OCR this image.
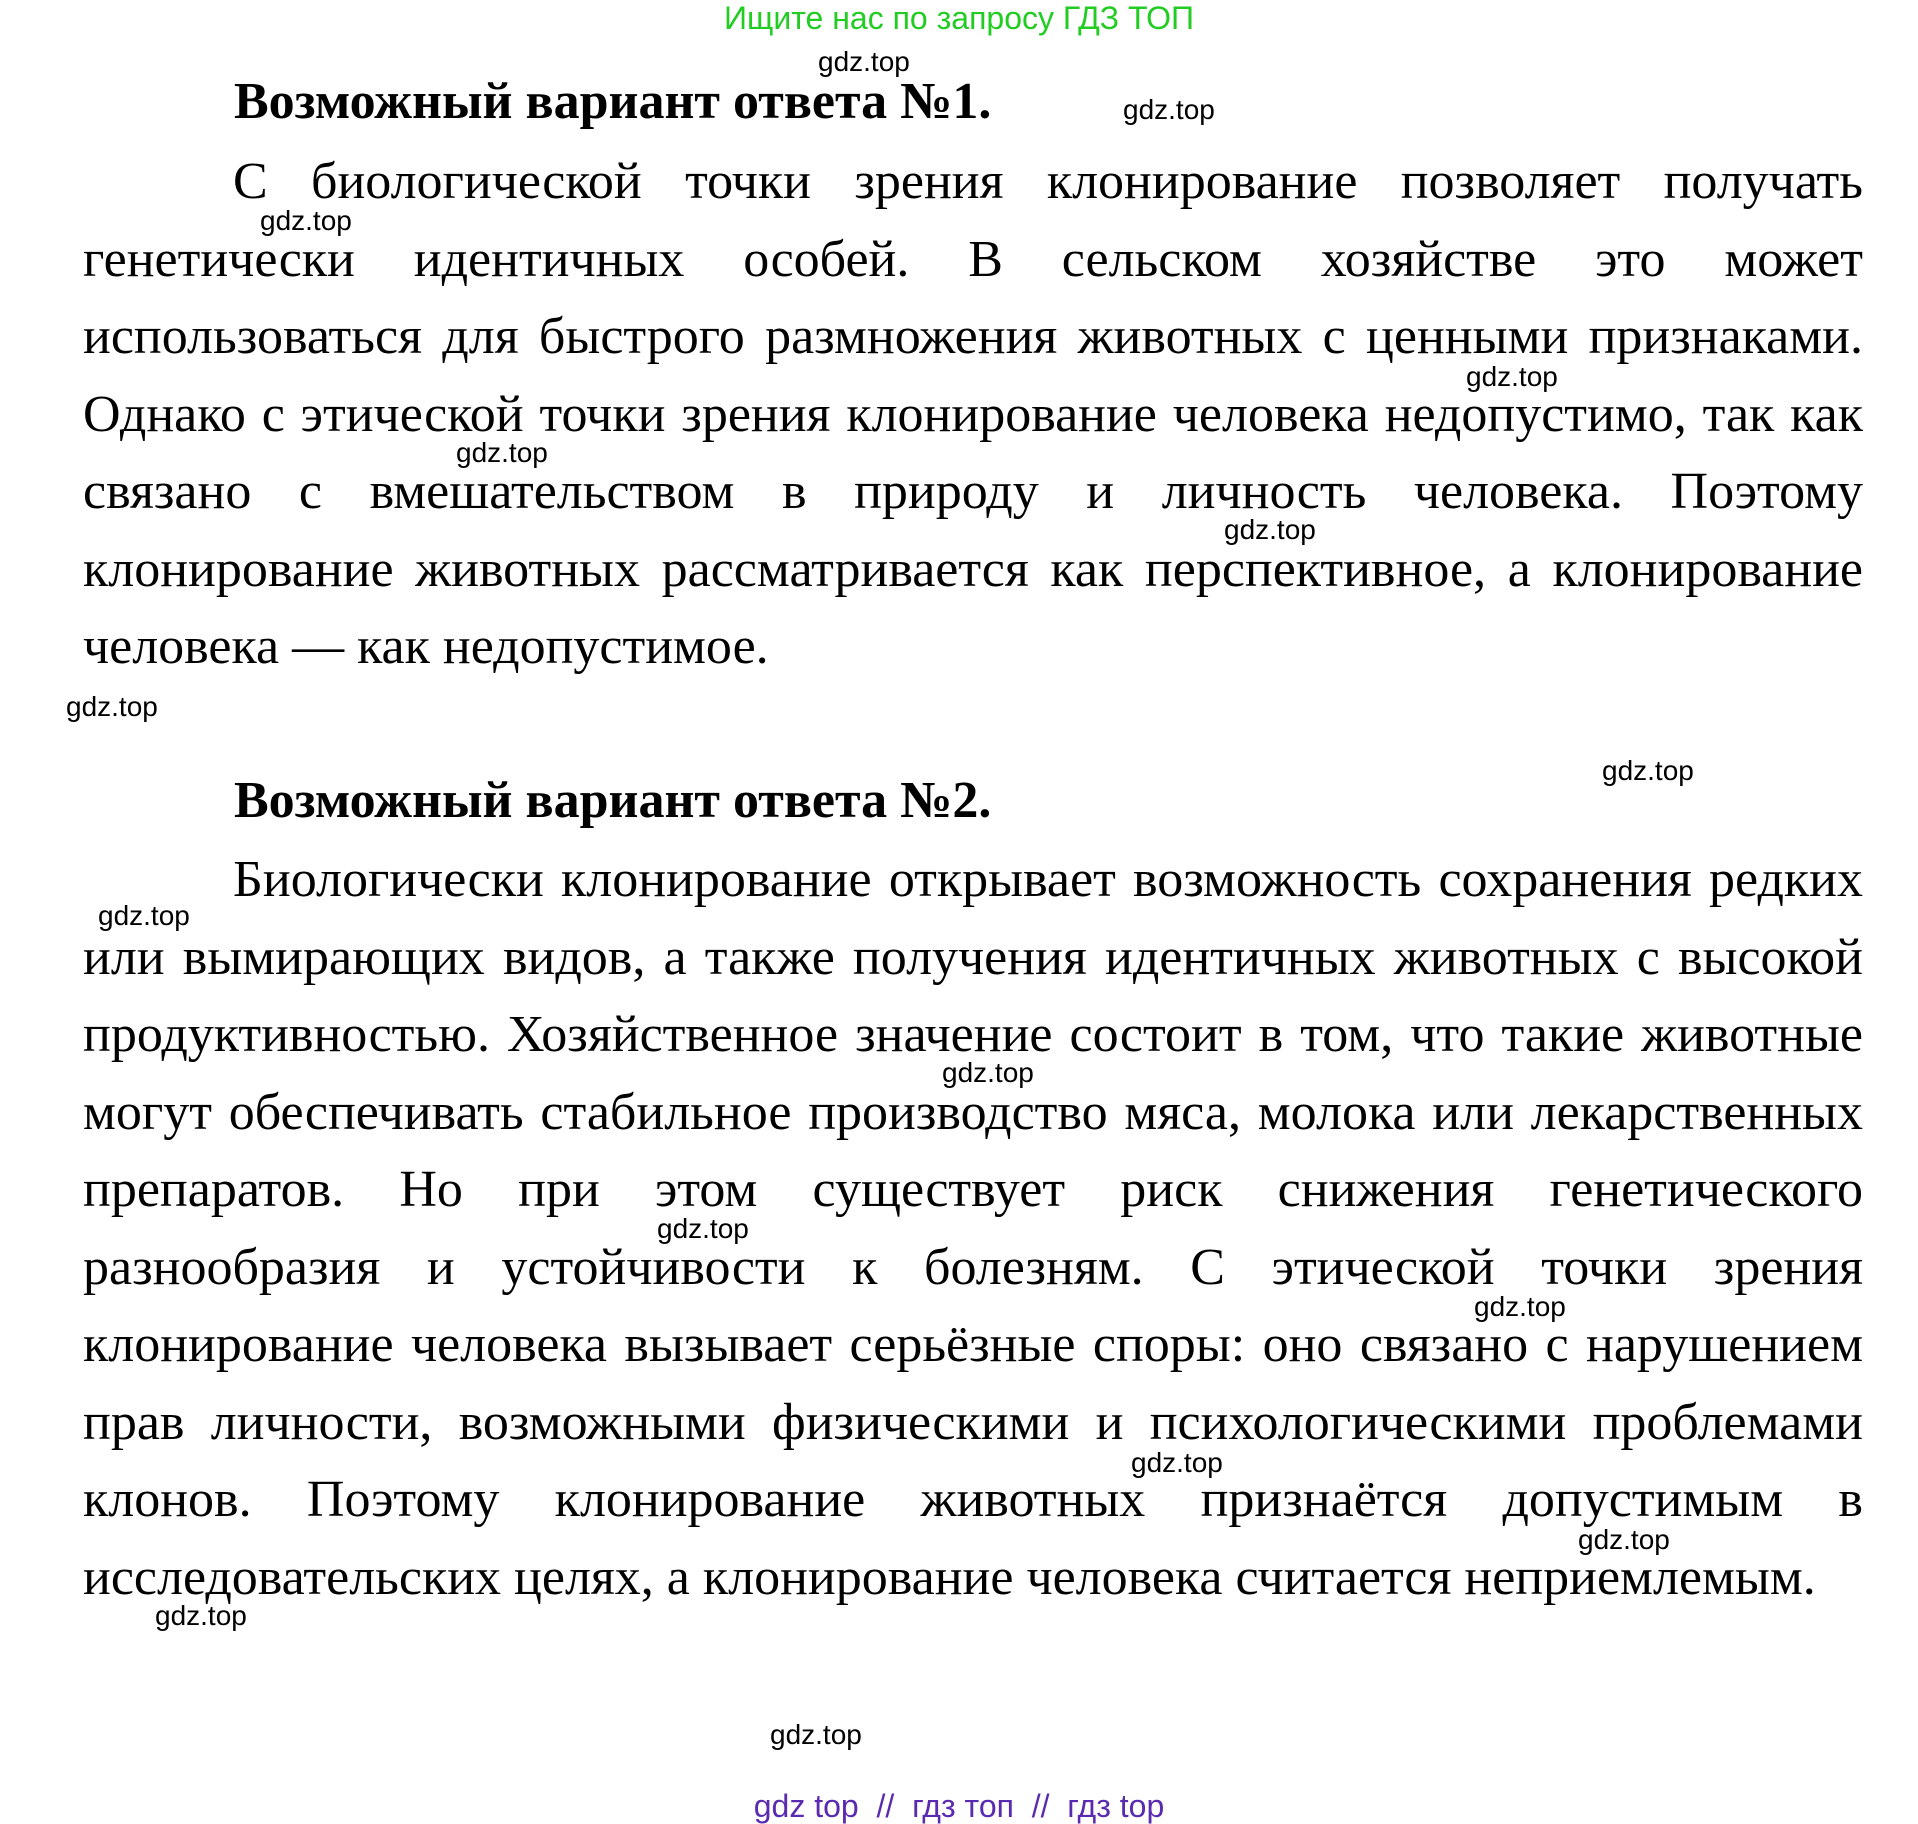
Ищите нас по запросу ГДЗ ТОП
Возможный вариант ответа №1.

С биологической точки зрения клонирование позволяет получать генетически идентичных особей. В сельском хозяйстве это может использоваться для быстрого размножения животных с ценными признаками. Однако с этической точки зрения клонирование человека недопустимо, так как связано с вмешательством в природу и личность человека. Поэтому клонирование животных рассматривается как перспективное, а клонирование человека — как недопустимое.

Возможный вариант ответа №2.

Биологически клонирование открывает возможность сохранения редких или вымирающих видов, а также получения идентичных животных с высокой продуктивностью. Хозяйственное значение состоит в том, что такие животные могут обеспечивать стабильное производство мяса, молока или лекарственных препаратов. Но при этом существует риск снижения генетического разнообразия и устойчивости к болезням. С этической точки зрения клонирование человека вызывает серьёзные споры: оно связано с нарушением прав личности, возможными физическими и психологическими проблемами клонов. Поэтому клонирование животных признаётся допустимым в исследовательских целях, а клонирование человека считается неприемлемым.

gdz.top
gdz.top
gdz.top
gdz.top
gdz.top
gdz.top
gdz.top
gdz.top
gdz.top
gdz.top
gdz.top
gdz.top
gdz.top
gdz.top
gdz.top
gdz.top
gdz top  //  гдз топ  //  гдз top
